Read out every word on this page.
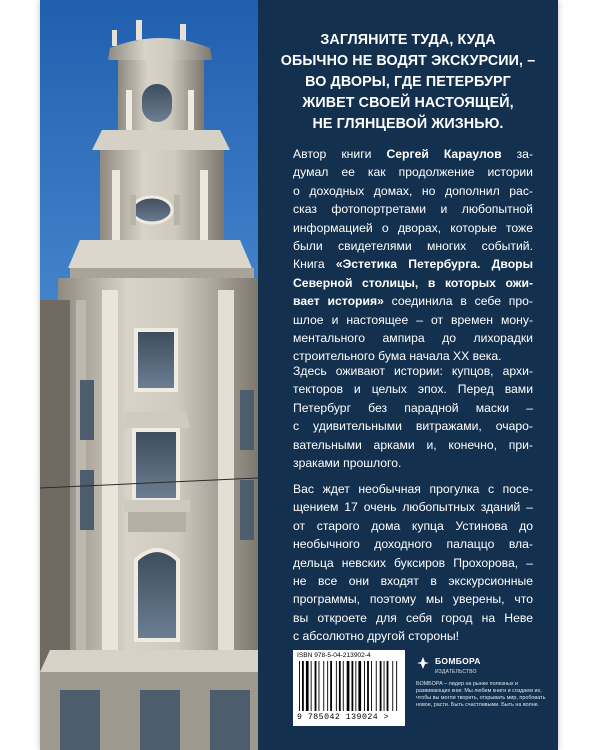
ЗАГЛЯНИТЕ ТУДА, КУДА
ОБЫЧНО НЕ ВОДЯТ ЭКСКУРСИИ, –
ВО ДВОРЫ, ГДЕ ПЕТЕРБУРГ
ЖИВЕТ СВОЕЙ НАСТОЯЩЕЙ,
НЕ ГЛЯНЦЕВОЙ ЖИЗНЬЮ.
Автор книги Сергей Караулов за-
думал ее как продолжение истории
о доходных домах, но дополнил рас-
сказ фотопортретами и любопытной
информацией о дворах, которые тоже
были свидетелями многих событий.
Книга «Эстетика Петербурга. Дворы
Северной столицы, в которых ожи-
вает история» соединила в себе про-
шлое и настоящее – от времен мону-
ментального ампира до лихорадки
строительного бума начала XX века.
Здесь оживают истории: купцов, архи-
текторов и целых эпох. Перед вами
Петербург без парадной маски –
с удивительными витражами, очаро-
вательными арками и, конечно, при-
зраками прошлого.
Вас ждет необычная прогулка с посе-
щением 17 очень любопытных зданий –
от старого дома купца Устинова до
необычного доходного палаццо вла-
дельца невских буксиров Прохорова, –
не все они входят в экскурсионные
программы, поэтому мы уверены, что
вы откроете для себя город на Неве
с абсолютно другой стороны!
ISBN 978-5-04-213902-4
9 785042 139024 >
БОМБОРА
ИЗДАТЕЛЬСТВО
БОМБОРА – лидер на рынке полезных и развивающих книг. Мы любим книги и создаем их, чтобы вы могли творить, открывать мир, пробовать новое, расти. Быть счастливыми. Быть на волне.
